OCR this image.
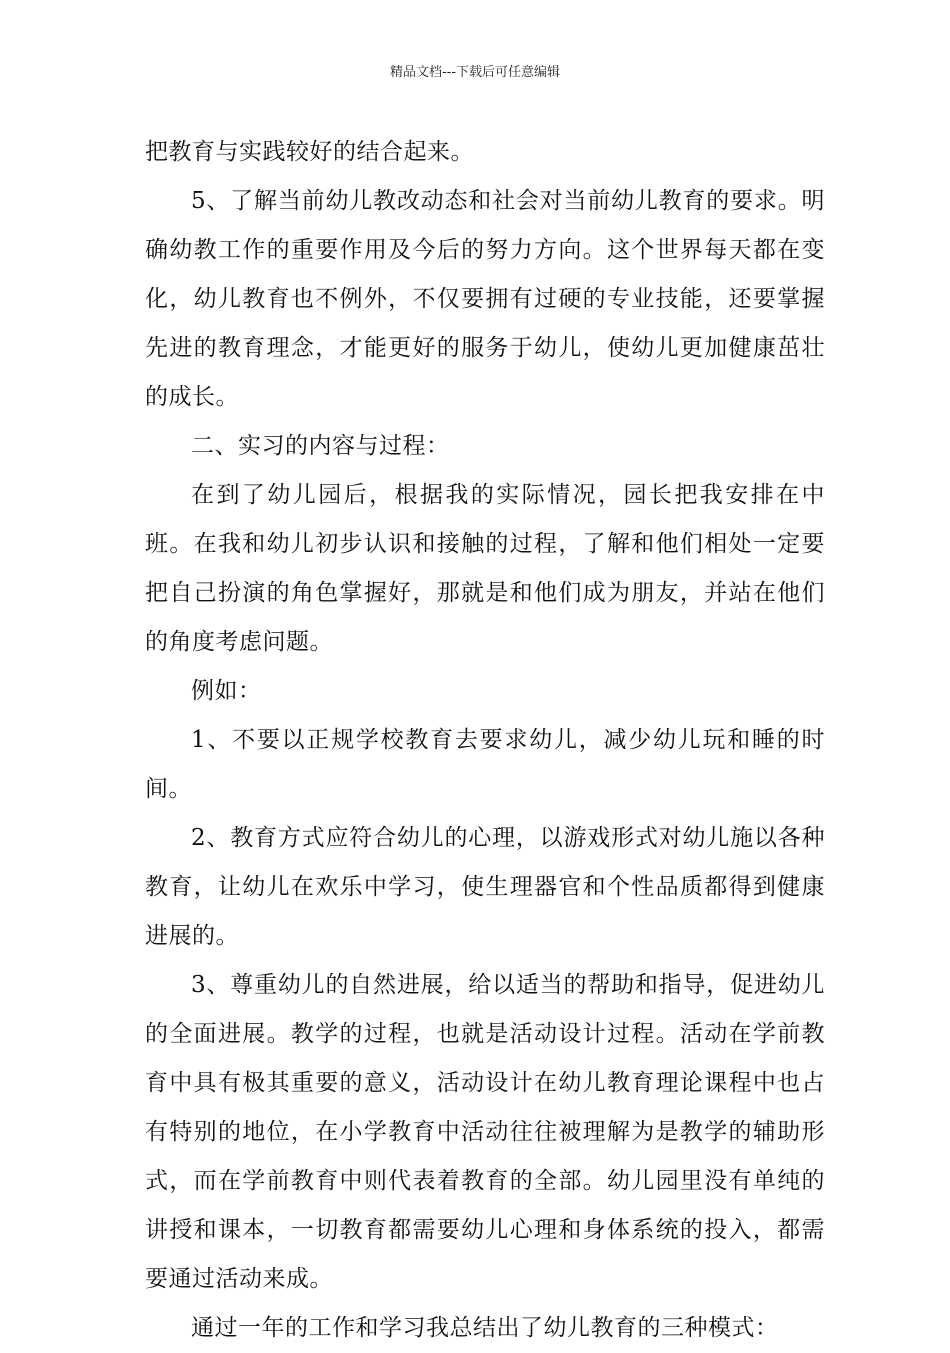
精品文档---下载后可任意编辑

把教育与实践较好的结合起来。

5、了解当前幼儿教改动态和社会对当前幼儿教育的要求。明确幼教工作的重要作用及今后的努力方向。这个世界每天都在变化，幼儿教育也不例外，不仅要拥有过硬的专业技能，还要掌握先进的教育理念，才能更好的服务于幼儿，使幼儿更加健康茁壮的成长。

二、实习的内容与过程：

在到了幼儿园后，根据我的实际情况，园长把我安排在中班。在我和幼儿初步认识和接触的过程，了解和他们相处一定要把自己扮演的角色掌握好，那就是和他们成为朋友，并站在他们的角度考虑问题。

例如：

1、不要以正规学校教育去要求幼儿，减少幼儿玩和睡的时间。

2、教育方式应符合幼儿的心理，以游戏形式对幼儿施以各种教育，让幼儿在欢乐中学习，使生理器官和个性品质都得到健康进展的。

3、尊重幼儿的自然进展，给以适当的帮助和指导，促进幼儿的全面进展。教学的过程，也就是活动设计过程。活动在学前教育中具有极其重要的意义，活动设计在幼儿教育理论课程中也占有特别的地位，在小学教育中活动往往被理解为是教学的辅助形式，而在学前教育中则代表着教育的全部。幼儿园里没有单纯的讲授和课本，一切教育都需要幼儿心理和身体系统的投入，都需要通过活动来成。

通过一年的工作和学习我总结出了幼儿教育的三种模式：
